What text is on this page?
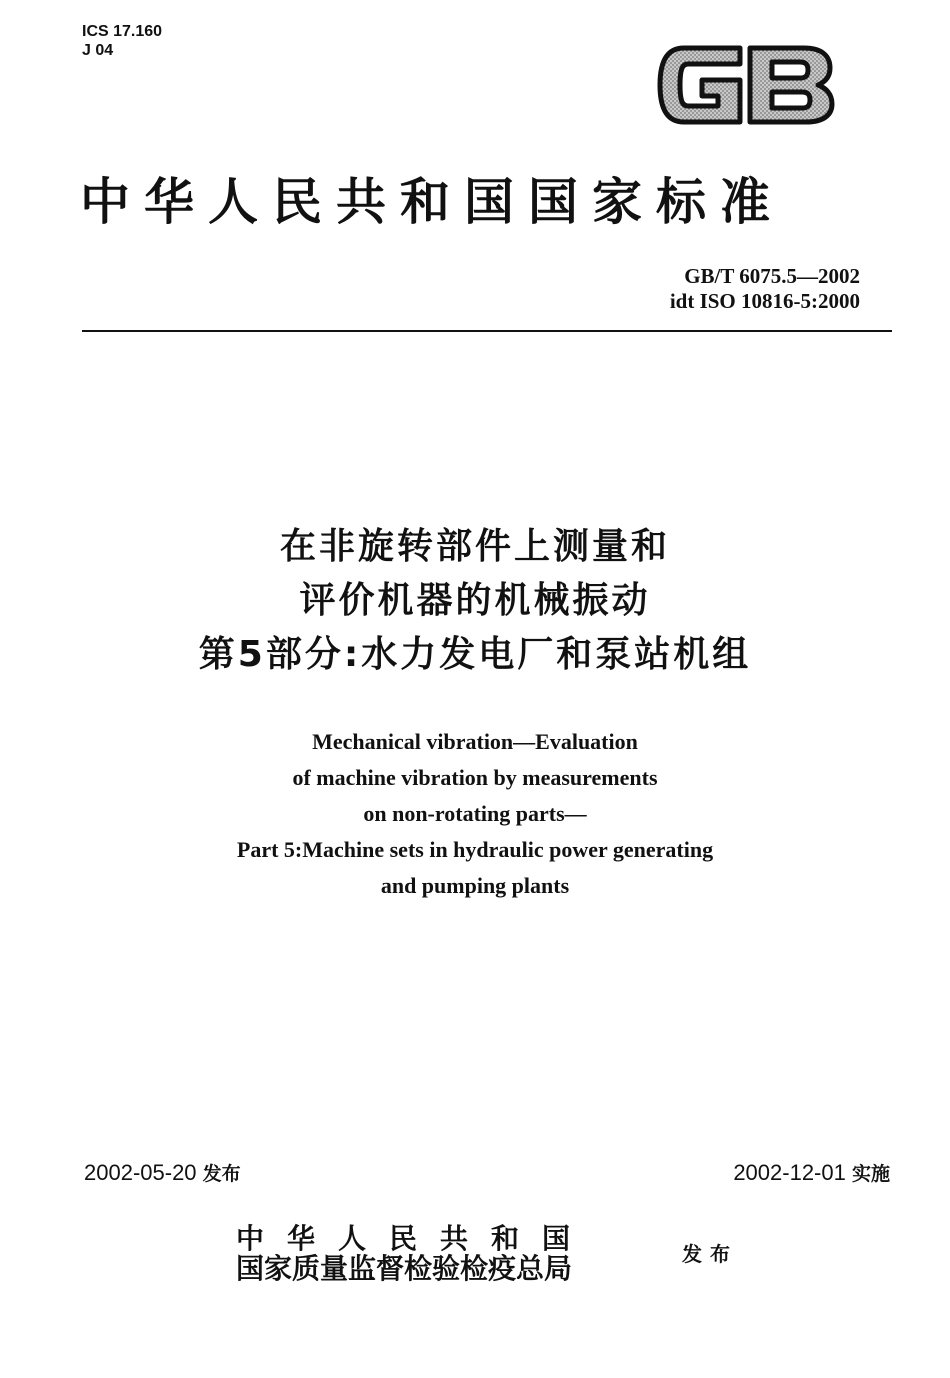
ICS 17.160
J 04
中华人民共和国国家标准
GB/T 6075.5—2002
idt ISO 10816-5:2000
在非旋转部件上测量和
评价机器的机械振动
第5部分:水力发电厂和泵站机组
Mechanical vibration—Evaluation
of machine vibration by measurements
on non-rotating parts—
Part 5:Machine sets in hydraulic power generating
and pumping plants
2002-05-20 发布	2002-12-01 实施
中华人民共和国
国家质量监督检验检疫总局	发布
